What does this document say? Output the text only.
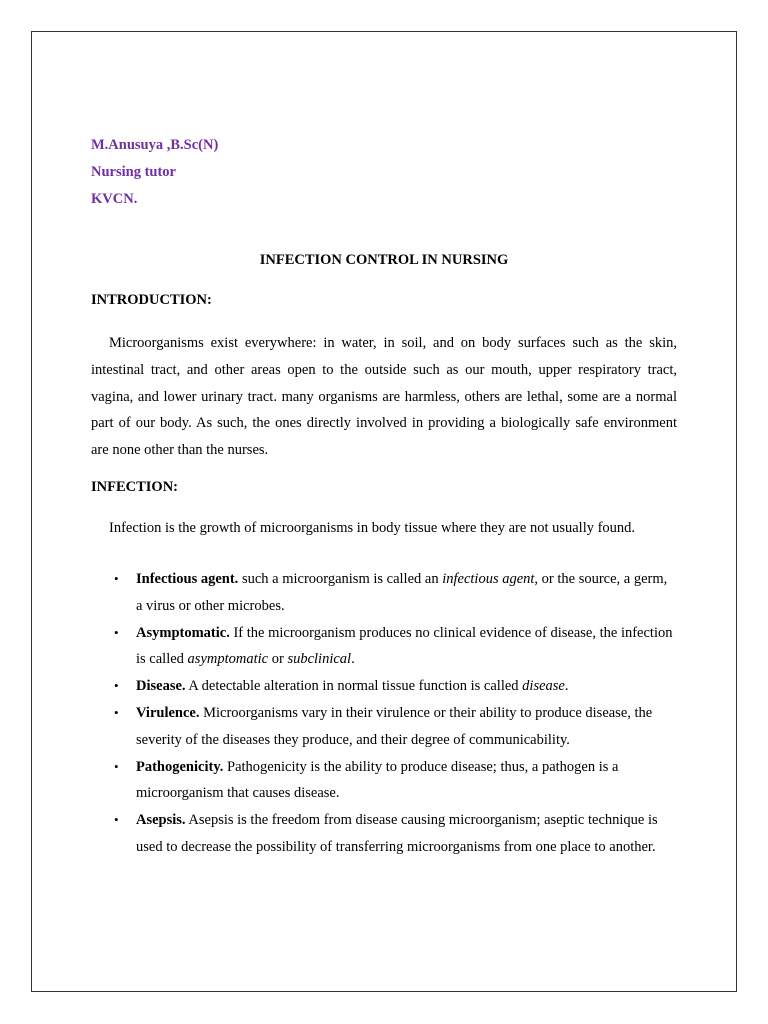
M.Anusuya ,B.Sc(N)
Nursing tutor
KVCN.
INFECTION CONTROL IN NURSING
INTRODUCTION:

Microorganisms exist everywhere: in water, in soil, and on body surfaces such as the skin, intestinal tract, and other areas open to the outside such as our mouth, upper respiratory tract, vagina, and lower urinary tract. many organisms are harmless, others are lethal, some are a normal part of our body. As such, the ones directly involved in providing a biologically safe environment are none other than the nurses.

INFECTION:

Infection is the growth of microorganisms in body tissue where they are not usually found.

• Infectious agent. such a microorganism is called an infectious agent, or the source, a germ, a virus or other microbes.
• Asymptomatic. If the microorganism produces no clinical evidence of disease, the infection is called asymptomatic or subclinical.
• Disease. A detectable alteration in normal tissue function is called disease.
• Virulence. Microorganisms vary in their virulence or their ability to produce disease, the severity of the diseases they produce, and their degree of communicability.
• Pathogenicity. Pathogenicity is the ability to produce disease; thus, a pathogen is a microorganism that causes disease.
• Asepsis. Asepsis is the freedom from disease causing microorganism; aseptic technique is used to decrease the possibility of transferring microorganisms from one place to another.
